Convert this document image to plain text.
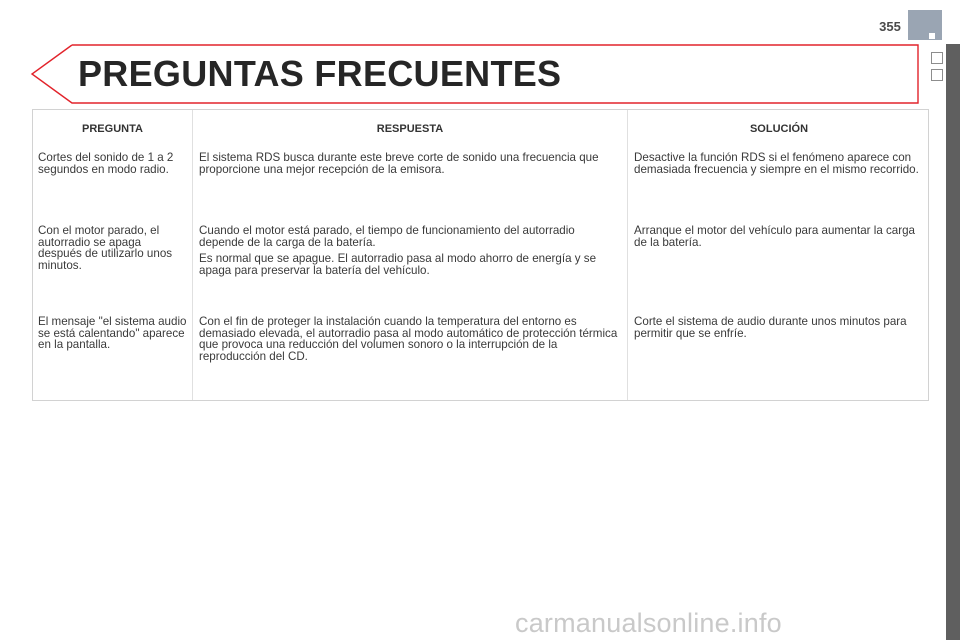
355
PREGUNTAS FRECUENTES
PREGUNTA	RESPUESTA	SOLUCIÓN

Cortes del sonido de 1 a 2 segundos en modo radio.

El sistema RDS busca durante este breve corte de sonido una frecuencia que proporcione una mejor recepción de la emisora.

Desactive la función RDS si el fenómeno aparece con demasiada frecuencia y siempre en el mismo recorrido.

Con el motor parado, el autorradio se apaga después de utilizarlo unos minutos.

Cuando el motor está parado, el tiempo de funcionamiento del autorradio depende de la carga de la batería.

Es normal que se apague. El autorradio pasa al modo ahorro de energía y se apaga para preservar la batería del vehículo.

Arranque el motor del vehículo para aumentar la carga de la batería.

El mensaje "el sistema audio se está calentando" aparece en la pantalla.

Con el fin de proteger la instalación cuando la temperatura del entorno es demasiado elevada, el autorradio pasa al modo automático de protección térmica que provoca una reducción del volumen sonoro o la interrupción de la reproducción del CD.

Corte el sistema de audio durante unos minutos para permitir que se enfríe.

carmanualsonline.info
